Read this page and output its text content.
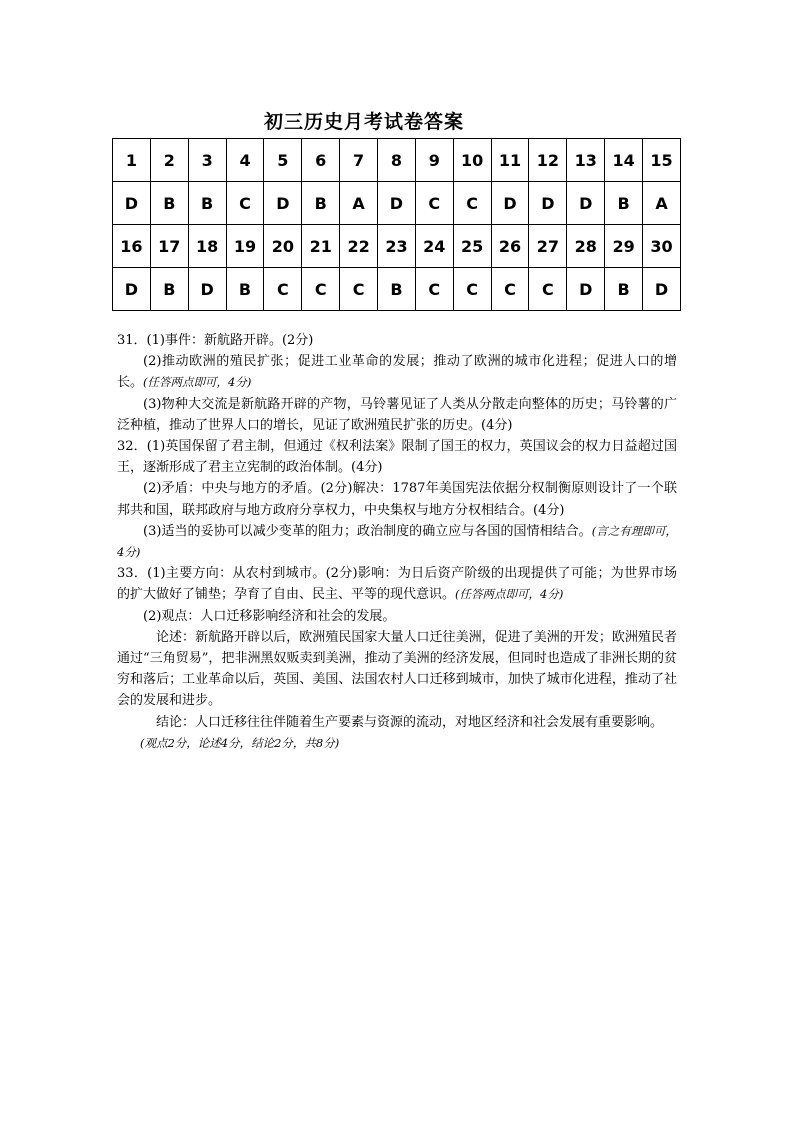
初三历史月考试卷答案
1	2	3	4	5	6	7	8	9	10	11	12	13	14	15
D	B	B	C	D	B	A	D	C	C	D	D	D	B	A
16	17	18	19	20	21	22	23	24	25	26	27	28	29	30
D	B	D	B	C	C	C	B	C	C	C	C	D	B	D

31．(1)事件：新航路开辟。(2分)

(2)推动欧洲的殖民扩张；促进工业革命的发展；推动了欧洲的城市化进程；促进人口的增长。(任答两点即可，4分)

(3)物种大交流是新航路开辟的产物，马铃薯见证了人类从分散走向整体的历史；马铃薯的广泛种植，推动了世界人口的增长，见证了欧洲殖民扩张的历史。(4分)

32．(1)英国保留了君主制，但通过《权利法案》限制了国王的权力，英国议会的权力日益超过国王，逐渐形成了君主立宪制的政治体制。(4分)

(2)矛盾：中央与地方的矛盾。(2分)解决：1787年美国宪法依据分权制衡原则设计了一个联邦共和国，联邦政府与地方政府分享权力，中央集权与地方分权相结合。(4分)

(3)适当的妥协可以减少变革的阻力；政治制度的确立应与各国的国情相结合。(言之有理即可，4分)

33．(1)主要方向：从农村到城市。(2分)影响：为日后资产阶级的出现提供了可能；为世界市场的扩大做好了铺垫；孕育了自由、民主、平等的现代意识。(任答两点即可，4分)

(2)观点：人口迁移影响经济和社会的发展。

论述：新航路开辟以后，欧洲殖民国家大量人口迁往美洲，促进了美洲的开发；欧洲殖民者通过“三角贸易”，把非洲黑奴贩卖到美洲，推动了美洲的经济发展，但同时也造成了非洲长期的贫穷和落后；工业革命以后，英国、美国、法国农村人口迁移到城市，加快了城市化进程，推动了社会的发展和进步。

结论：人口迁移往往伴随着生产要素与资源的流动，对地区经济和社会发展有重要影响。

(观点2分，论述4分，结论2分，共8分)
